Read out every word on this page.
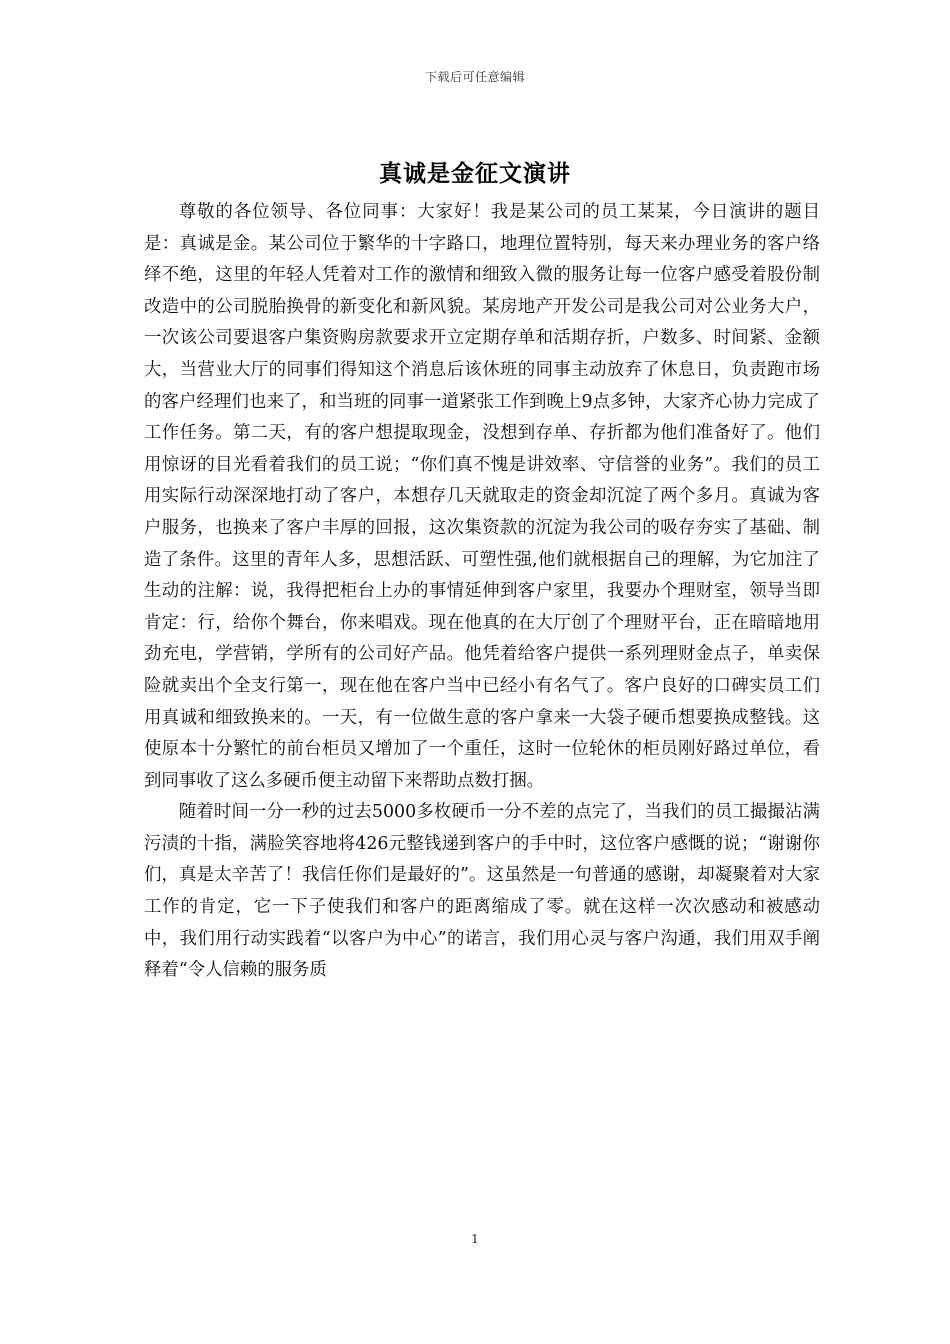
下载后可任意编辑
真诚是金征文演讲

尊敬的各位领导、各位同事：大家好！我是某公司的员工某某，今日演讲的题目是：真诚是金。某公司位于繁华的十字路口，地理位置特别，每天来办理业务的客户络绎不绝，这里的年轻人凭着对工作的激情和细致入微的服务让每一位客户感受着股份制改造中的公司脱胎换骨的新变化和新风貌。某房地产开发公司是我公司对公业务大户，一次该公司要退客户集资购房款要求开立定期存单和活期存折，户数多、时间紧、金额大，当营业大厅的同事们得知这个消息后该休班的同事主动放弃了休息日，负责跑市场的客户经理们也来了，和当班的同事一道紧张工作到晚上9点多钟，大家齐心协力完成了工作任务。第二天，有的客户想提取现金，没想到存单、存折都为他们准备好了。他们用惊讶的目光看着我们的员工说；“你们真不愧是讲效率、守信誉的业务”。我们的员工用实际行动深深地打动了客户，本想存几天就取走的资金却沉淀了两个多月。真诚为客户服务，也换来了客户丰厚的回报，这次集资款的沉淀为我公司的吸存夯实了基础、制造了条件。这里的青年人多，思想活跃、可塑性强,他们就根据自己的理解，为它加注了生动的注解：说，我得把柜台上办的事情延伸到客户家里，我要办个理财室，领导当即肯定：行，给你个舞台，你来唱戏。现在他真的在大厅创了个理财平台，正在暗暗地用劲充电，学营销，学所有的公司好产品。他凭着给客户提供一系列理财金点子，单卖保险就卖出个全支行第一，现在他在客户当中已经小有名气了。客户良好的口碑实员工们用真诚和细致换来的。一天，有一位做生意的客户拿来一大袋子硬币想要换成整钱。这使原本十分繁忙的前台柜员又增加了一个重任，这时一位轮休的柜员刚好路过单位，看到同事收了这么多硬币便主动留下来帮助点数打捆。

随着时间一分一秒的过去5000多枚硬币一分不差的点完了，当我们的员工撮撮沾满污渍的十指，满脸笑容地将426元整钱递到客户的手中时，这位客户感慨的说；“谢谢你们，真是太辛苦了！我信任你们是最好的”。这虽然是一句普通的感谢，却凝聚着对大家工作的肯定，它一下子使我们和客户的距离缩成了零。就在这样一次次感动和被感动中，我们用行动实践着“以客户为中心”的诺言，我们用心灵与客户沟通，我们用双手阐释着“令人信赖的服务质

1
